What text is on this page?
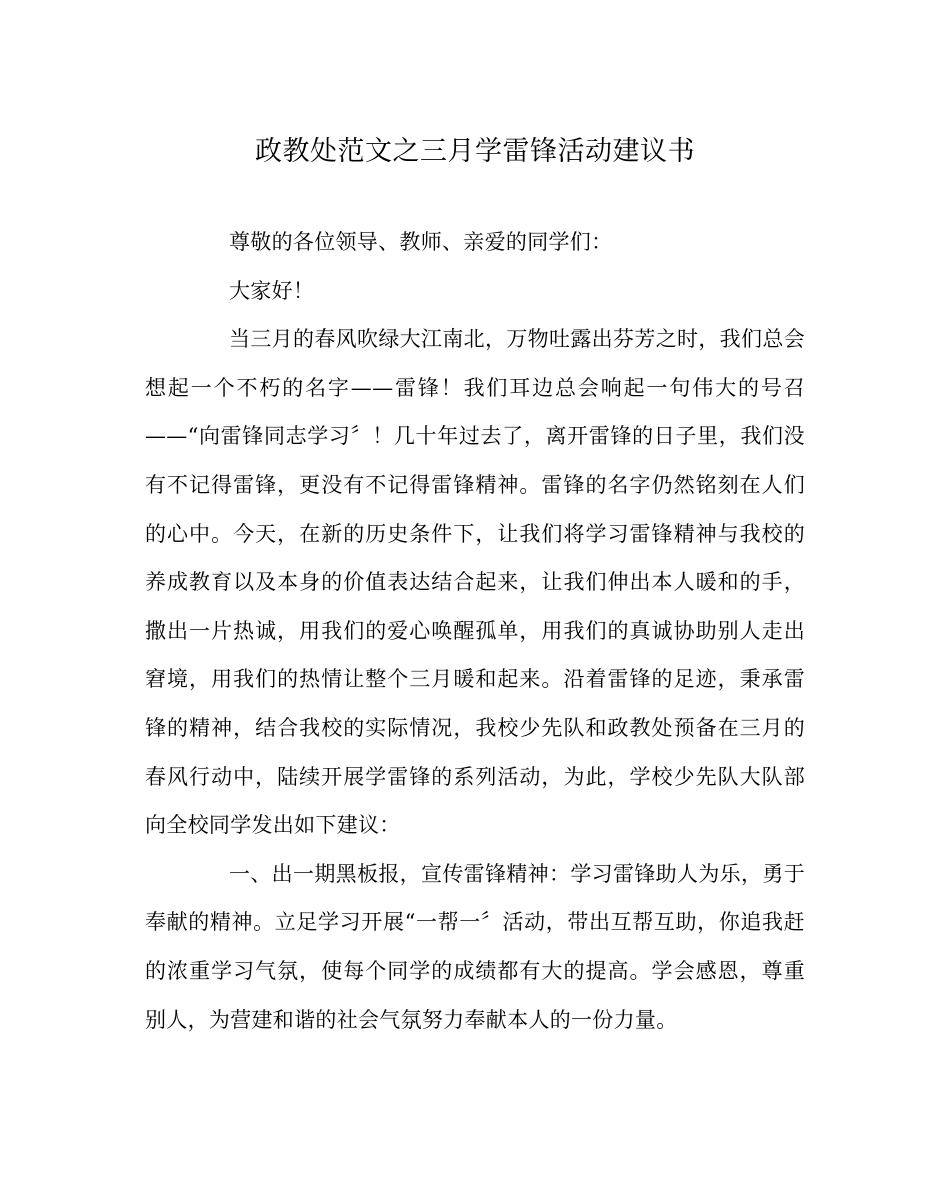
政教处范文之三月学雷锋活动建议书

尊敬的各位领导、教师、亲爱的同学们：

大家好！

当三月的春风吹绿大江南北，万物吐露出芬芳之时，我们总会想起一个不朽的名字——雷锋！我们耳边总会响起一句伟大的号召——“向雷锋同志学习〞！几十年过去了，离开雷锋的日子里，我们没有不记得雷锋，更没有不记得雷锋精神。雷锋的名字仍然铭刻在人们的心中。今天，在新的历史条件下，让我们将学习雷锋精神与我校的养成教育以及本身的价值表达结合起来，让我们伸出本人暖和的手，撒出一片热诚，用我们的爱心唤醒孤单，用我们的真诚协助别人走出窘境，用我们的热情让整个三月暖和起来。沿着雷锋的足迹，秉承雷锋的精神，结合我校的实际情况，我校少先队和政教处预备在三月的春风行动中，陆续开展学雷锋的系列活动，为此，学校少先队大队部向全校同学发出如下建议：

一、出一期黑板报，宣传雷锋精神：学习雷锋助人为乐，勇于奉献的精神。立足学习开展“一帮一〞活动，带出互帮互助，你追我赶的浓重学习气氛，使每个同学的成绩都有大的提高。学会感恩，尊重别人，为营建和谐的社会气氛努力奉献本人的一份力量。
